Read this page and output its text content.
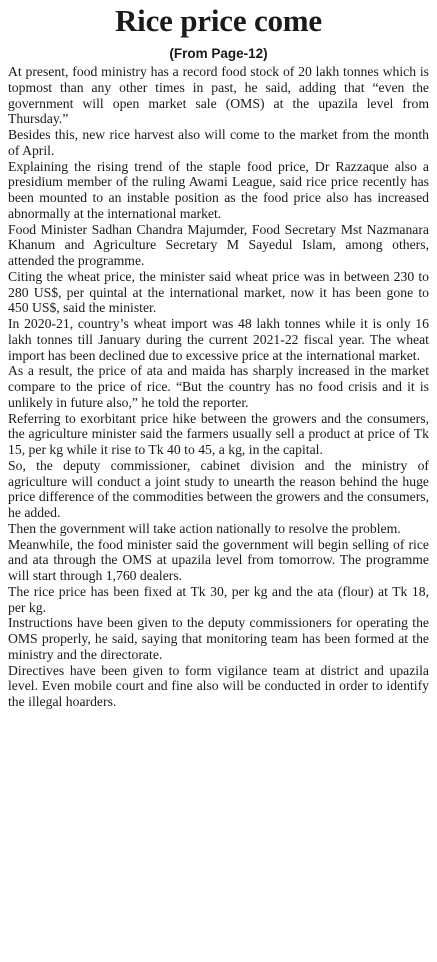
Rice price come
(From Page-12)

At present, food ministry has a record food stock of 20 lakh tonnes which is topmost than any other times in past, he said, adding that “even the government will open market sale (OMS) at the upazila level from Thursday.”

Besides this, new rice harvest also will come to the market from the month of April.

Explaining the rising trend of the staple food price, Dr Razzaque also a presidium member of the ruling Awami League, said rice price recently has been mounted to an instable position as the food price also has increased abnormally at the international market.

Food Minister Sadhan Chandra Majumder, Food Secretary Mst Nazmanara Khanum and Agriculture Secretary M Sayedul Islam, among others, attended the programme.

Citing the wheat price, the minister said wheat price was in between 230 to 280 US$, per quintal at the international market, now it has been gone to 450 US$, said the minister.

In 2020-21, country’s wheat import was 48 lakh tonnes while it is only 16 lakh tonnes till January during the current 2021-22 fiscal year. The wheat import has been declined due to excessive price at the international market.

As a result, the price of ata and maida has sharply increased in the market compare to the price of rice. “But the country has no food crisis and it is unlikely in future also,” he told the reporter.

Referring to exorbitant price hike between the growers and the consumers, the agriculture minister said the farmers usually sell a product at price of Tk 15, per kg while it rise to Tk 40 to 45, a kg, in the capital.

So, the deputy commissioner, cabinet division and the ministry of agriculture will conduct a joint study to unearth the reason behind the huge price difference of the commodities between the growers and the consumers, he added.

Then the government will take action nationally to resolve the problem.

Meanwhile, the food minister said the government will begin selling of rice and ata through the OMS at upazila level from tomorrow. The programme will start through 1,760 dealers.

The rice price has been fixed at Tk 30, per kg and the ata (flour) at Tk 18, per kg.

Instructions have been given to the deputy commissioners for operating the OMS properly, he said, saying that monitoring team has been formed at the ministry and the directorate.

Directives have been given to form vigilance team at district and upazila level. Even mobile court and fine also will be conducted in order to identify the illegal hoarders.
